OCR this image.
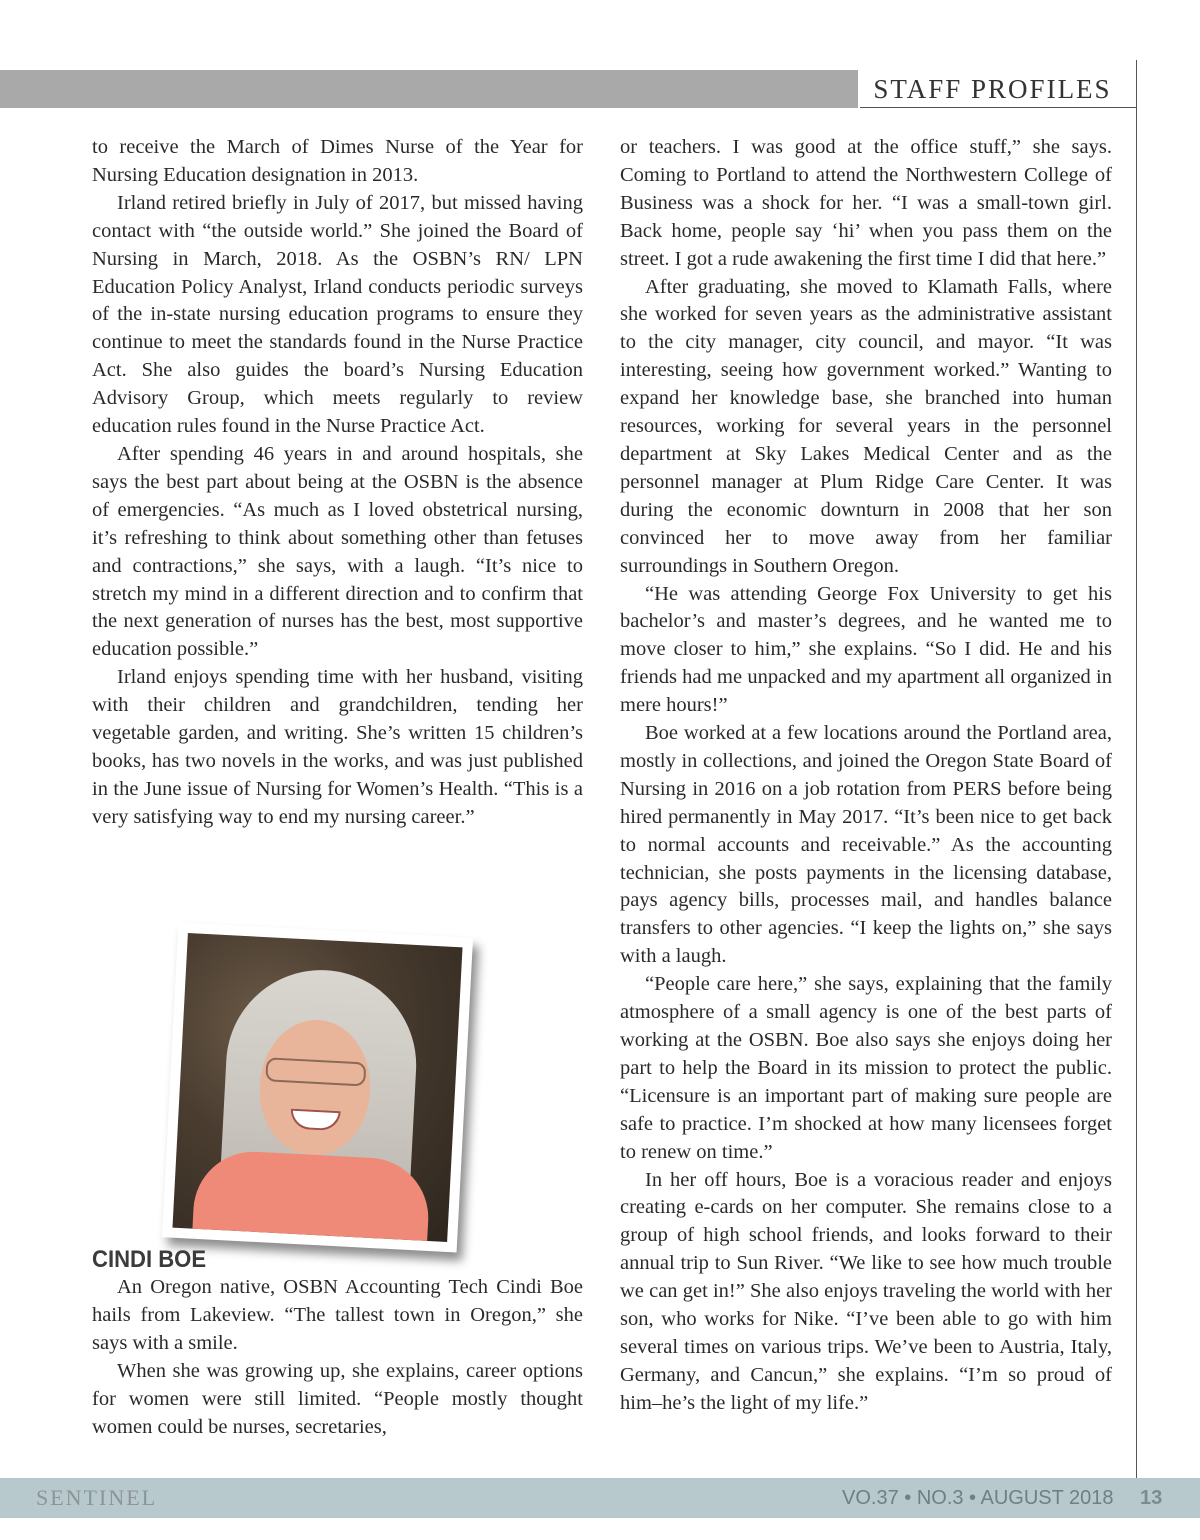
STAFF PROFILES

to receive the March of Dimes Nurse of the Year for Nursing Education designation in 2013.

Irland retired briefly in July of 2017, but missed having contact with “the outside world.” She joined the Board of Nursing in March, 2018. As the OSBN’s RN/ LPN Education Policy Analyst, Irland conducts periodic surveys of the in-state nursing education programs to ensure they continue to meet the standards found in the Nurse Practice Act. She also guides the board’s Nursing Education Advisory Group, which meets regularly to review education rules found in the Nurse Practice Act.

After spending 46 years in and around hospitals, she says the best part about being at the OSBN is the absence of emergencies. “As much as I loved obstetrical nursing, it’s refreshing to think about something other than fetuses and contractions,” she says, with a laugh. “It’s nice to stretch my mind in a different direction and to confirm that the next generation of nurses has the best, most supportive education possible.”

Irland enjoys spending time with her husband, visiting with their children and grandchildren, tending her vegetable garden, and writing. She’s written 15 children’s books, has two novels in the works, and was just published in the June issue of Nursing for Women’s Health. “This is a very satisfying way to end my nursing career.”

CINDI BOE

An Oregon native, OSBN Accounting Tech Cindi Boe hails from Lakeview. “The tallest town in Oregon,” she says with a smile.

When she was growing up, she explains, career options for women were still limited. “People mostly thought women could be nurses, secretaries,

or teachers. I was good at the office stuff,” she says. Coming to Portland to attend the Northwestern College of Business was a shock for her. “I was a small-town girl. Back home, people say ‘hi’ when you pass them on the street. I got a rude awakening the first time I did that here.”

After graduating, she moved to Klamath Falls, where she worked for seven years as the administrative assistant to the city manager, city council, and mayor. “It was interesting, seeing how government worked.” Wanting to expand her knowledge base, she branched into human resources, working for several years in the personnel department at Sky Lakes Medical Center and as the personnel manager at Plum Ridge Care Center. It was during the economic downturn in 2008 that her son convinced her to move away from her familiar surroundings in Southern Oregon.

“He was attending George Fox University to get his bachelor’s and master’s degrees, and he wanted me to move closer to him,” she explains. “So I did. He and his friends had me unpacked and my apartment all organized in mere hours!”

Boe worked at a few locations around the Portland area, mostly in collections, and joined the Oregon State Board of Nursing in 2016 on a job rotation from PERS before being hired permanently in May 2017. “It’s been nice to get back to normal accounts and receivable.” As the accounting technician, she posts payments in the licensing database, pays agency bills, processes mail, and handles balance transfers to other agencies. “I keep the lights on,” she says with a laugh.

“People care here,” she says, explaining that the family atmosphere of a small agency is one of the best parts of working at the OSBN. Boe also says she enjoys doing her part to help the Board in its mission to protect the public. “Licensure is an important part of making sure people are safe to practice. I’m shocked at how many licensees forget to renew on time.”

In her off hours, Boe is a voracious reader and enjoys creating e-cards on her computer. She remains close to a group of high school friends, and looks forward to their annual trip to Sun River. “We like to see how much trouble we can get in!” She also enjoys traveling the world with her son, who works for Nike. “I’ve been able to go with him several times on various trips. We’ve been to Austria, Italy, Germany, and Cancun,” she explains. “I’m so proud of him–he’s the light of my life.”

SENTINEL	VO.37 • NO.3 • AUGUST 2018 13
